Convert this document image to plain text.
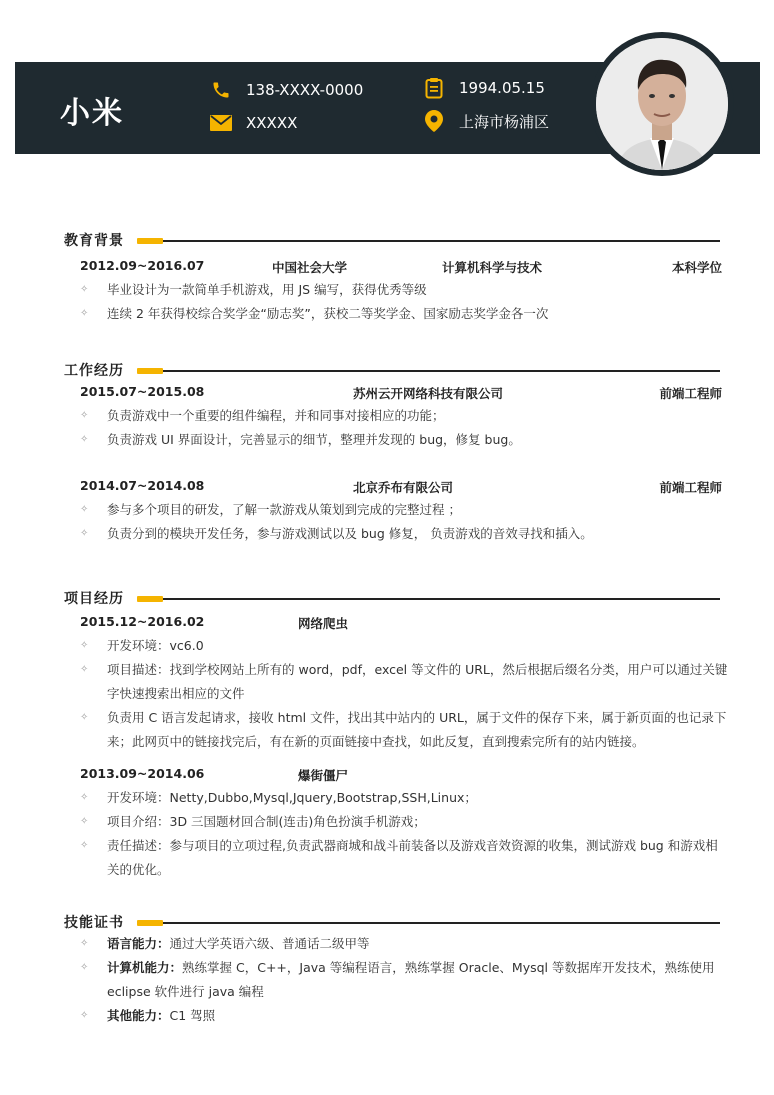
小米
138-XXXX-0000
XXXXX
1994.05.15
上海市杨浦区
教育背景
2012.09~2016.07	中国社会大学	计算机科学与技术	本科学位
✧	毕业设计为一款简单手机游戏，用 JS 编写，获得优秀等级
✧	连续 2 年获得校综合奖学金“励志奖”，获校二等奖学金、国家励志奖学金各一次
工作经历
2015.07~2015.08	苏州云开网络科技有限公司	前端工程师
✧	负责游戏中一个重要的组件编程，并和同事对接相应的功能；
✧	负责游戏 UI 界面设计，完善显示的细节，整理并发现的 bug，修复 bug。
2014.07~2014.08	北京乔布有限公司	前端工程师
✧	参与多个项目的研发，了解一款游戏从策划到完成的完整过程 ；
✧	负责分到的模块开发任务，参与游戏测试以及 bug 修复， 负责游戏的音效寻找和插入。
项目经历
2015.12~2016.02	网络爬虫
✧	开发环境：vc6.0
✧	项目描述：找到学校网站上所有的 word，pdf，excel 等文件的 URL，然后根据后缀名分类，用户可以通过关键字快速搜索出相应的文件
✧	负责用 C 语言发起请求，接收 html 文件，找出其中站内的 URL，属于文件的保存下来，属于新页面的也记录下来；此网页中的链接找完后，有在新的页面链接中查找，如此反复，直到搜索完所有的站内链接。
2013.09~2014.06	爆街僵尸
✧	开发环境：Netty,Dubbo,Mysql,Jquery,Bootstrap,SSH,Linux；
✧	项目介绍：3D 三国题材回合制(连击)角色扮演手机游戏；
✧	责任描述：参与项目的立项过程,负责武器商城和战斗前装备以及游戏音效资源的收集，测试游戏 bug 和游戏相关的优化。
技能证书
✧	语言能力：通过大学英语六级、普通话二级甲等
✧	计算机能力：熟练掌握 C，C++，Java 等编程语言，熟练掌握 Oracle、Mysql 等数据库开发技术，熟练使用 eclipse 软件进行 java 编程
✧	其他能力：C1 驾照
